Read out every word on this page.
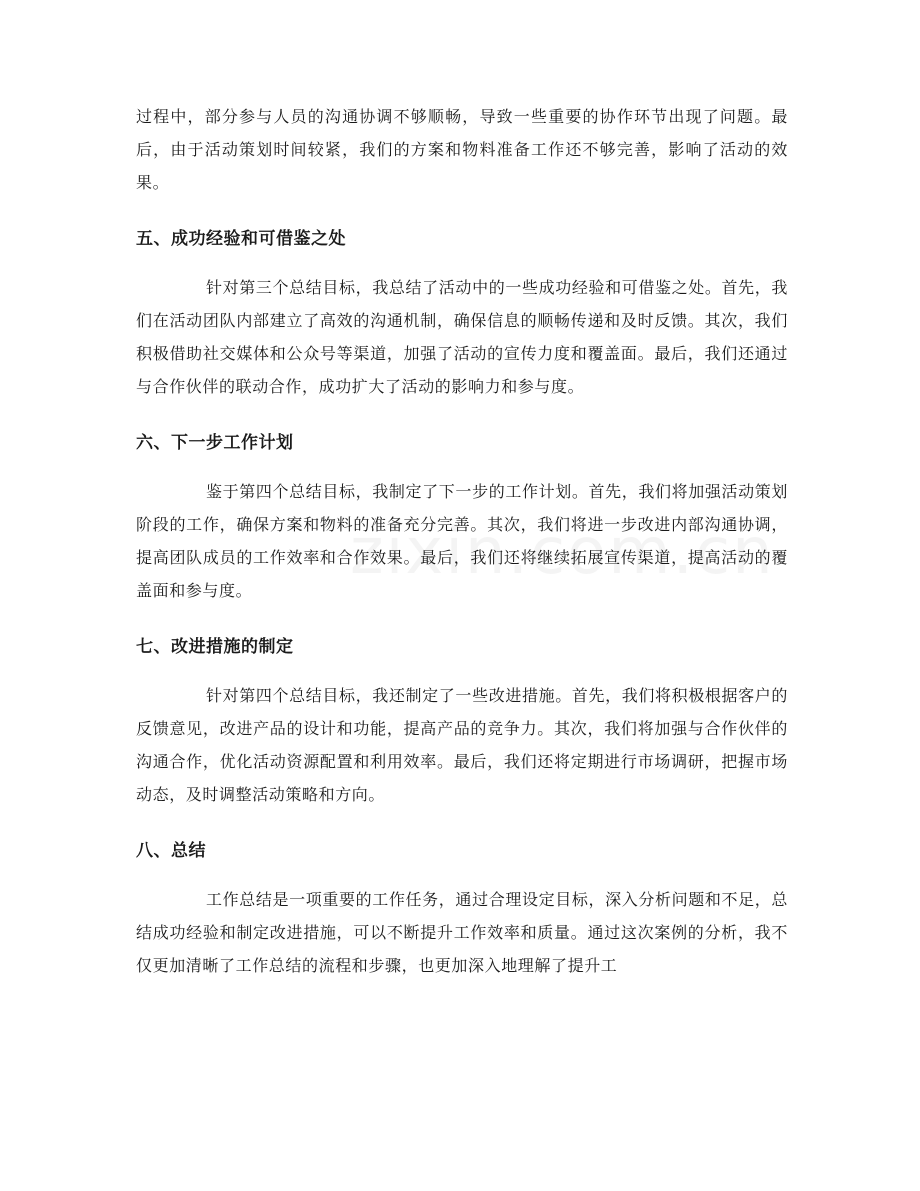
过程中，部分参与人员的沟通协调不够顺畅，导致一些重要的协作环节出现了问题。最后，由于活动策划时间较紧，我们的方案和物料准备工作还不够完善，影响了活动的效果。

五、成功经验和可借鉴之处

针对第三个总结目标，我总结了活动中的一些成功经验和可借鉴之处。首先，我们在活动团队内部建立了高效的沟通机制，确保信息的顺畅传递和及时反馈。其次，我们积极借助社交媒体和公众号等渠道，加强了活动的宣传力度和覆盖面。最后，我们还通过与合作伙伴的联动合作，成功扩大了活动的影响力和参与度。

六、下一步工作计划

鉴于第四个总结目标，我制定了下一步的工作计划。首先，我们将加强活动策划阶段的工作，确保方案和物料的准备充分完善。其次，我们将进一步改进内部沟通协调，提高团队成员的工作效率和合作效果。最后，我们还将继续拓展宣传渠道，提高活动的覆盖面和参与度。

七、改进措施的制定

针对第四个总结目标，我还制定了一些改进措施。首先，我们将积极根据客户的反馈意见，改进产品的设计和功能，提高产品的竞争力。其次，我们将加强与合作伙伴的沟通合作，优化活动资源配置和利用效率。最后，我们还将定期进行市场调研，把握市场动态，及时调整活动策略和方向。

八、总结

工作总结是一项重要的工作任务，通过合理设定目标，深入分析问题和不足，总结成功经验和制定改进措施，可以不断提升工作效率和质量。通过这次案例的分析，我不仅更加清晰了工作总结的流程和步骤，也更加深入地理解了提升工
